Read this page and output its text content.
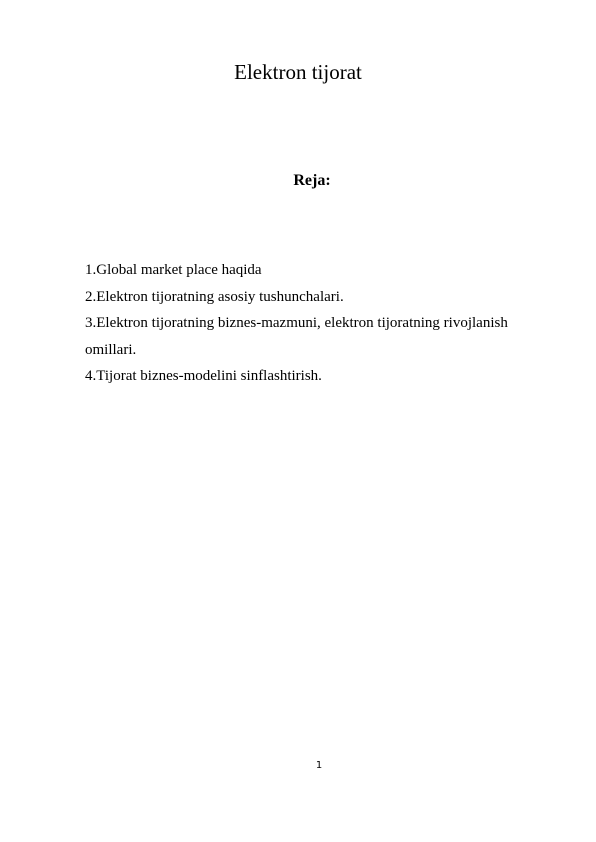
Elektron tijorat
Reja:
1.Global market place haqida
2.Elektron tijoratning asosiy tushunchalari.
3.Elektron tijoratning biznes-mazmuni, elektron tijoratning rivojlanish
omillari.
4.Tijorat biznes-modelini sinflashtirish.
1
